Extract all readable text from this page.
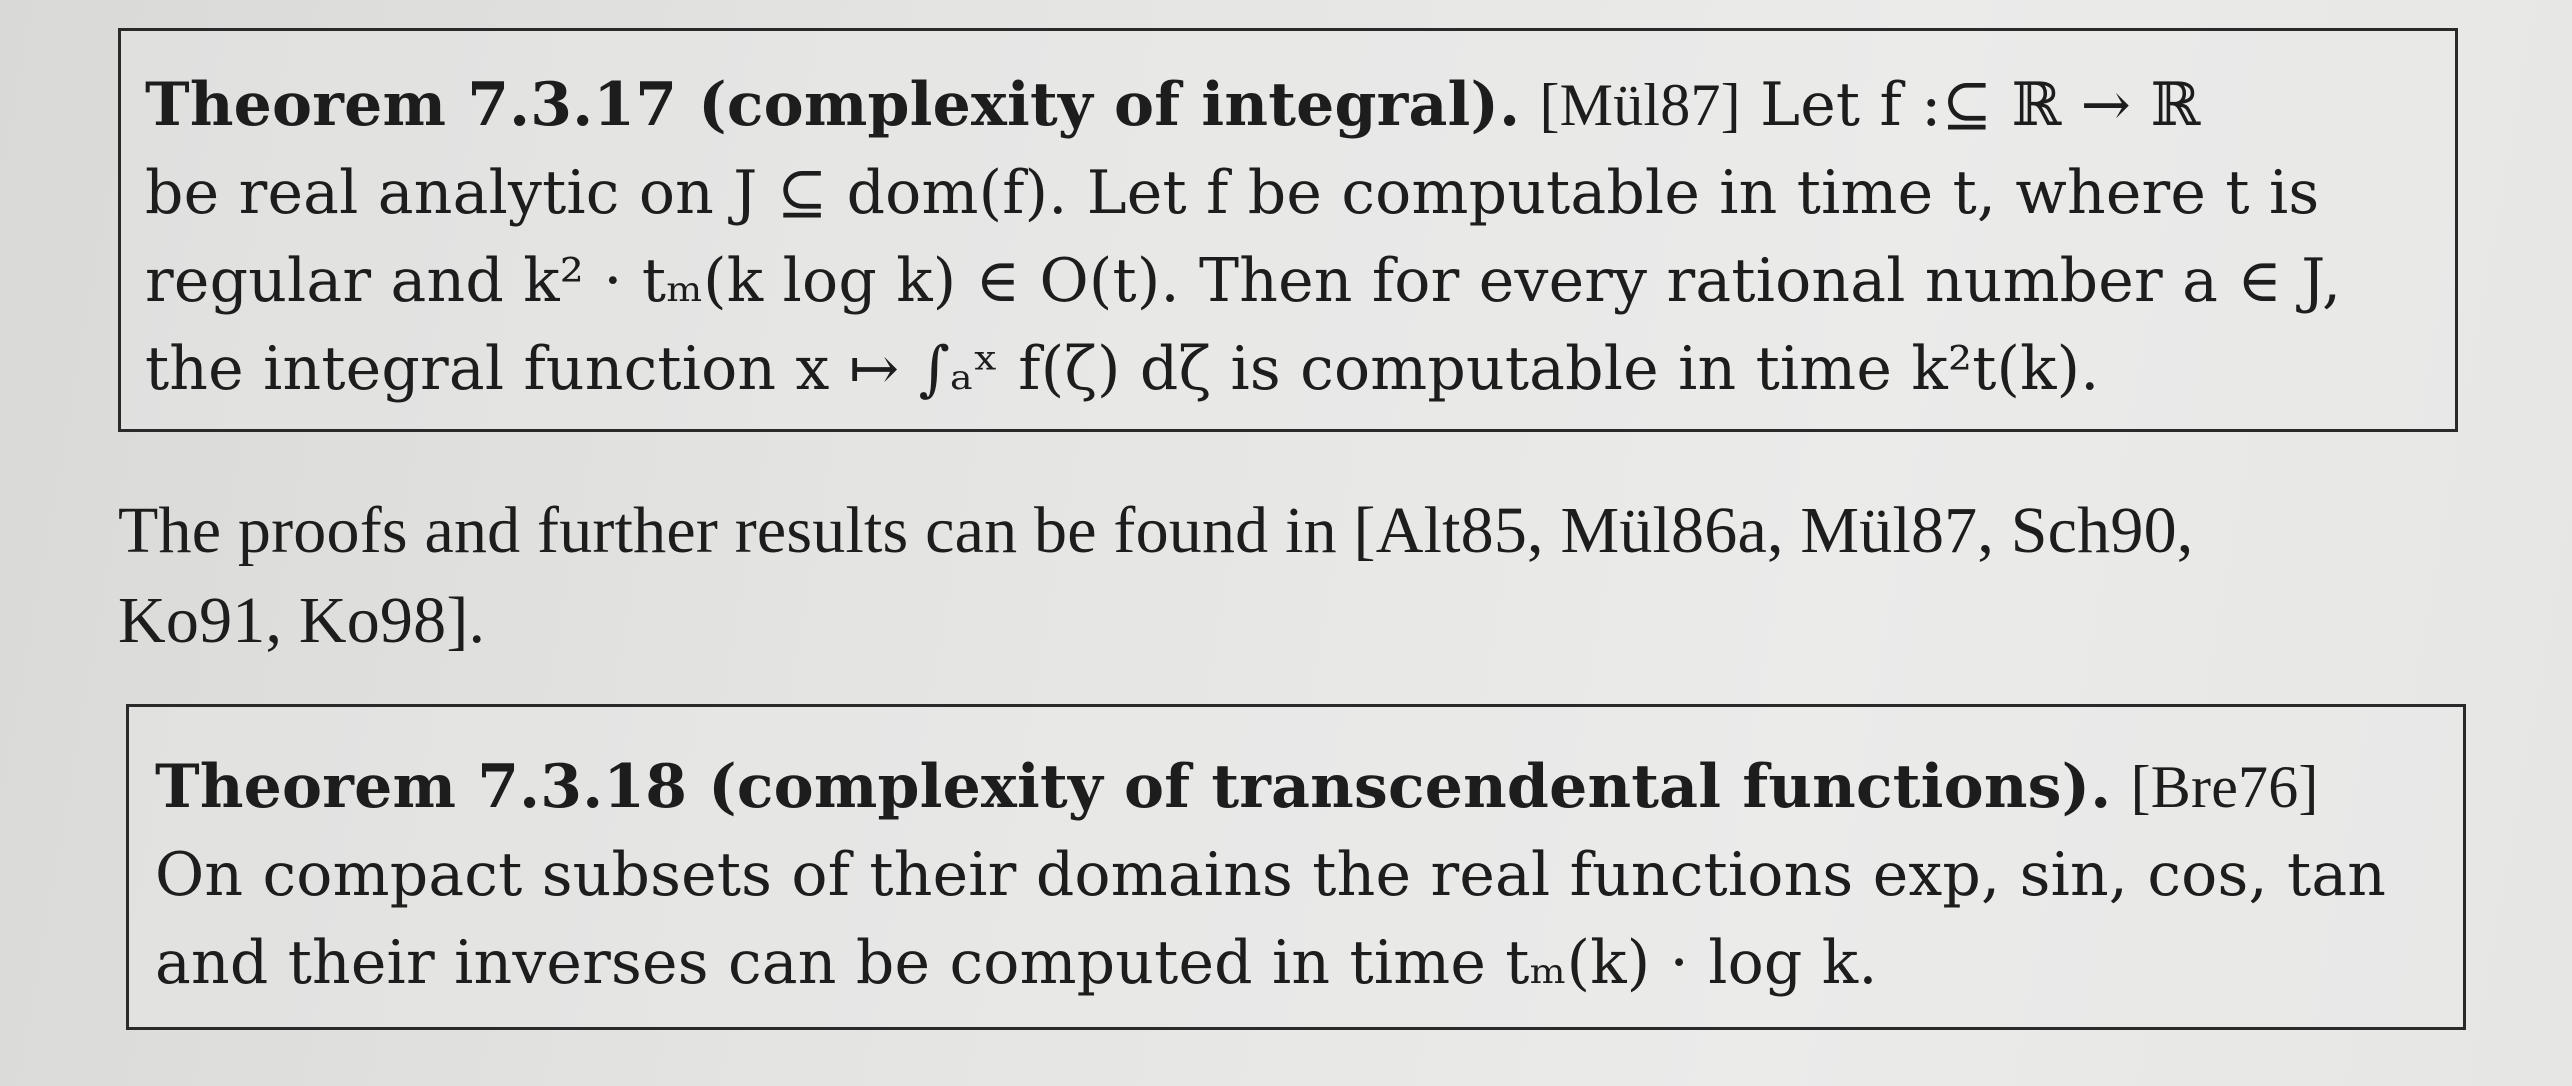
Theorem 7.3.17 (complexity of integral). [Mül87] Let f :⊆ ℝ → ℝ
be real analytic on J ⊆ dom(f). Let f be computable in time t, where t is
regular and k² · tₘ(k log k) ∈ O(t). Then for every rational number a ∈ J,
the integral function x ↦ ∫ₐˣ f(ζ) dζ is computable in time k²t(k).
The proofs and further results can be found in [Alt85, Mül86a, Mül87, Sch90,
Ko91, Ko98].
Theorem 7.3.18 (complexity of transcendental functions). [Bre76]
On compact subsets of their domains the real functions exp, sin, cos, tan
and their inverses can be computed in time tₘ(k) · log k.
